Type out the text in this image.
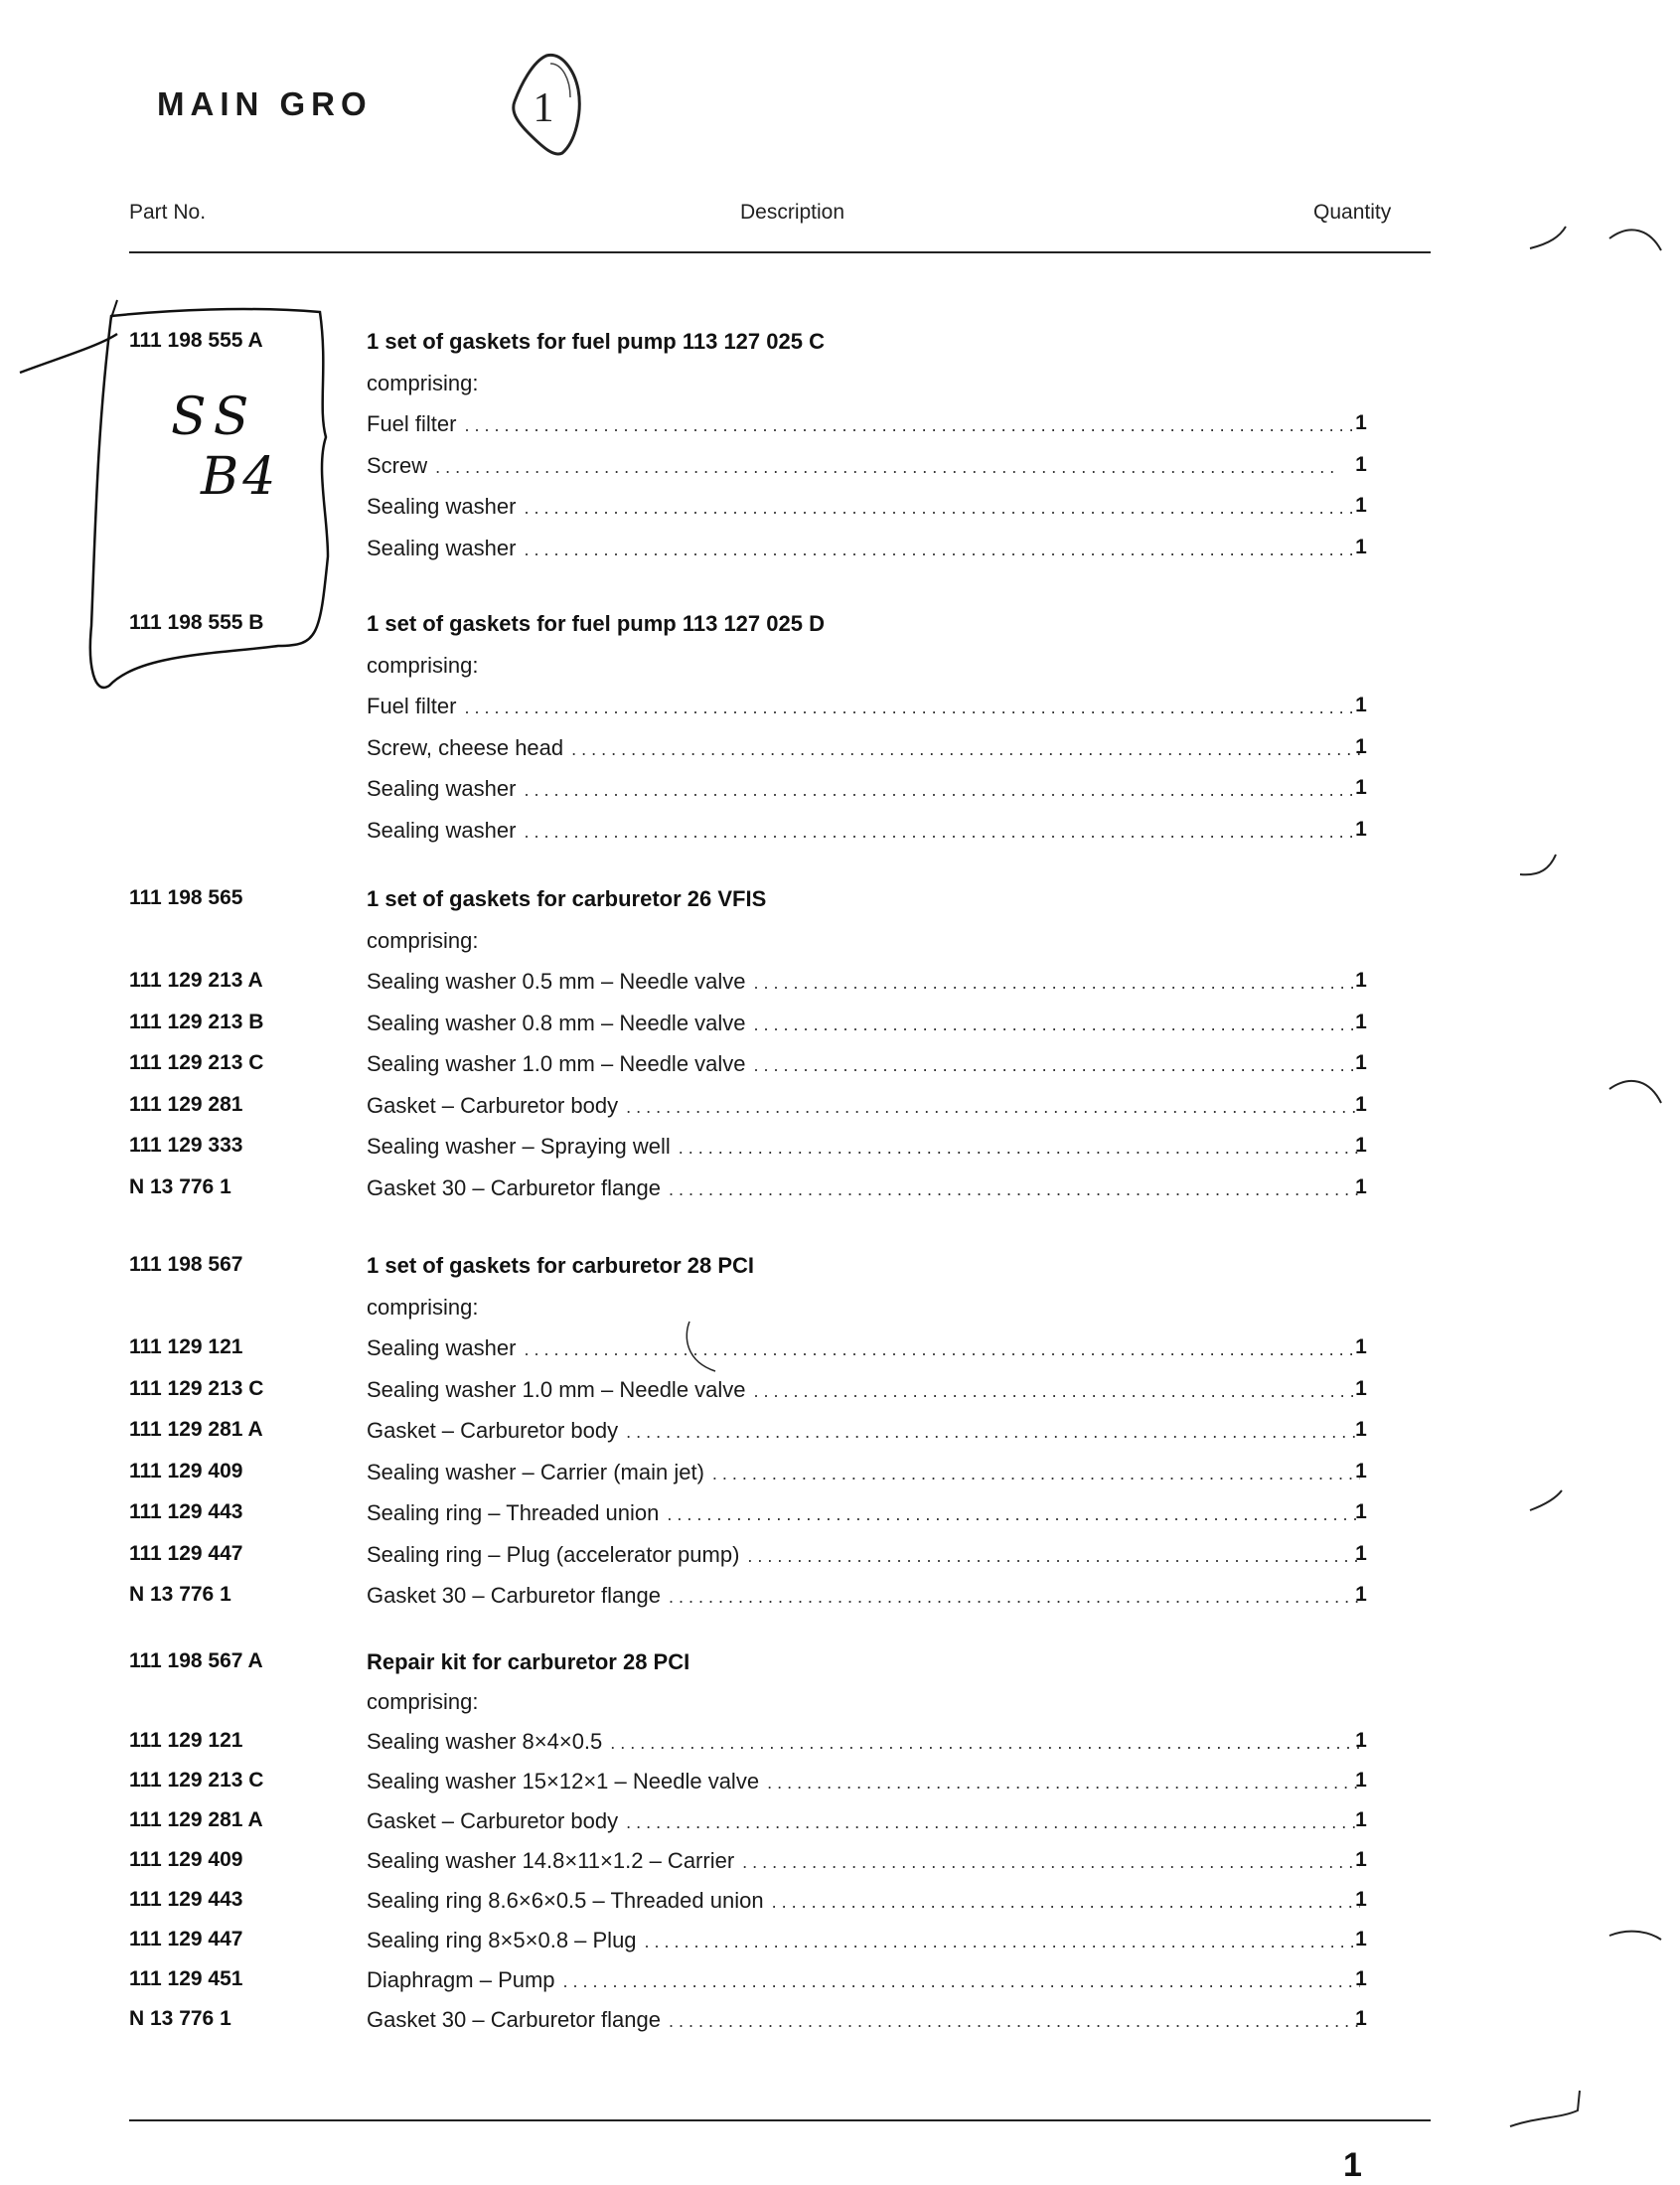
MAIN GRO	1
Part No.	Description	Quantity
SS
B4
111 198 555 A	1 set of gaskets for fuel pump 113 127 025 C
comprising:
Fuel filter . . .	1
Screw . . .	1
Sealing washer . . .	1
Sealing washer . . .	1
111 198 555 B	1 set of gaskets for fuel pump 113 127 025 D
comprising:
Fuel filter . . .	1
Screw, cheese head . . .	1
Sealing washer . . .	1
Sealing washer . . .	1
111 198 565	1 set of gaskets for carburetor 26 VFIS
comprising:
111 129 213 A	Sealing washer 0.5 mm – Needle valve . . .	1
111 129 213 B	Sealing washer 0.8 mm – Needle valve . . .	1
111 129 213 C	Sealing washer 1.0 mm – Needle valve . . .	1
111 129 281	Gasket – Carburetor body . . .	1
111 129 333	Sealing washer – Spraying well . . .	1
N 13 776 1	Gasket 30 – Carburetor flange . . .	1
111 198 567	1 set of gaskets for carburetor 28 PCI
comprising:
111 129 121	Sealing washer . . .	1
111 129 213 C	Sealing washer 1.0 mm – Needle valve . . .	1
111 129 281 A	Gasket – Carburetor body . . .	1
111 129 409	Sealing washer – Carrier (main jet) . . .	1
111 129 443	Sealing ring – Threaded union . . .	1
111 129 447	Sealing ring – Plug (accelerator pump) . . .	1
N 13 776 1	Gasket 30 – Carburetor flange . . .	1
111 198 567 A	Repair kit for carburetor 28 PCI
comprising:
111 129 121	Sealing washer 8×4×0.5 . . .	1
111 129 213 C	Sealing washer 15×12×1 – Needle valve . . .	1
111 129 281 A	Gasket – Carburetor body . . .	1
111 129 409	Sealing washer 14.8×11×1.2 – Carrier . . .	1
111 129 443	Sealing ring 8.6×6×0.5 – Threaded union . . .	1
111 129 447	Sealing ring 8×5×0.8 – Plug . . .	1
111 129 451	Diaphragm – Pump . . .	1
N 13 776 1	Gasket 30 – Carburetor flange . . .	1
1
